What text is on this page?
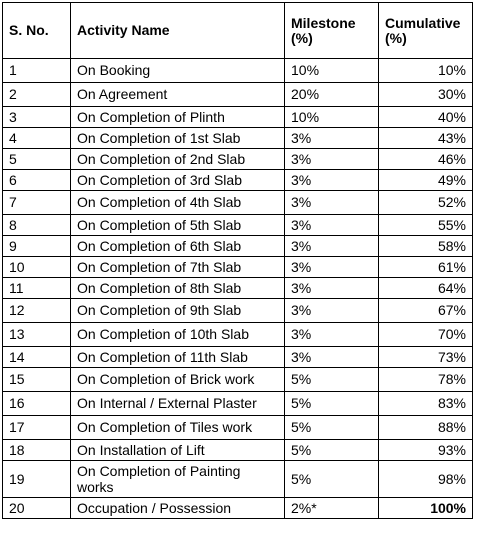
S. No.	Activity Name	Milestone (%)	Cumulative (%)
1	On Booking	10%	10%
2	On Agreement	20%	30%
3	On Completion of Plinth	10%	40%
4	On Completion of 1st Slab	3%	43%
5	On Completion of 2nd Slab	3%	46%
6	On Completion of 3rd Slab	3%	49%
7	On Completion of 4th Slab	3%	52%
8	On Completion of 5th Slab	3%	55%
9	On Completion of 6th Slab	3%	58%
10	On Completion of 7th Slab	3%	61%
11	On Completion of 8th Slab	3%	64%
12	On Completion of 9th Slab	3%	67%
13	On Completion of 10th Slab	3%	70%
14	On Completion of 11th Slab	3%	73%
15	On Completion of Brick work	5%	78%
16	On Internal / External Plaster	5%	83%
17	On Completion of Tiles work	5%	88%
18	On Installation of Lift	5%	93%
19	On Completion of Painting works	5%	98%
20	Occupation / Possession	2%*	100%
